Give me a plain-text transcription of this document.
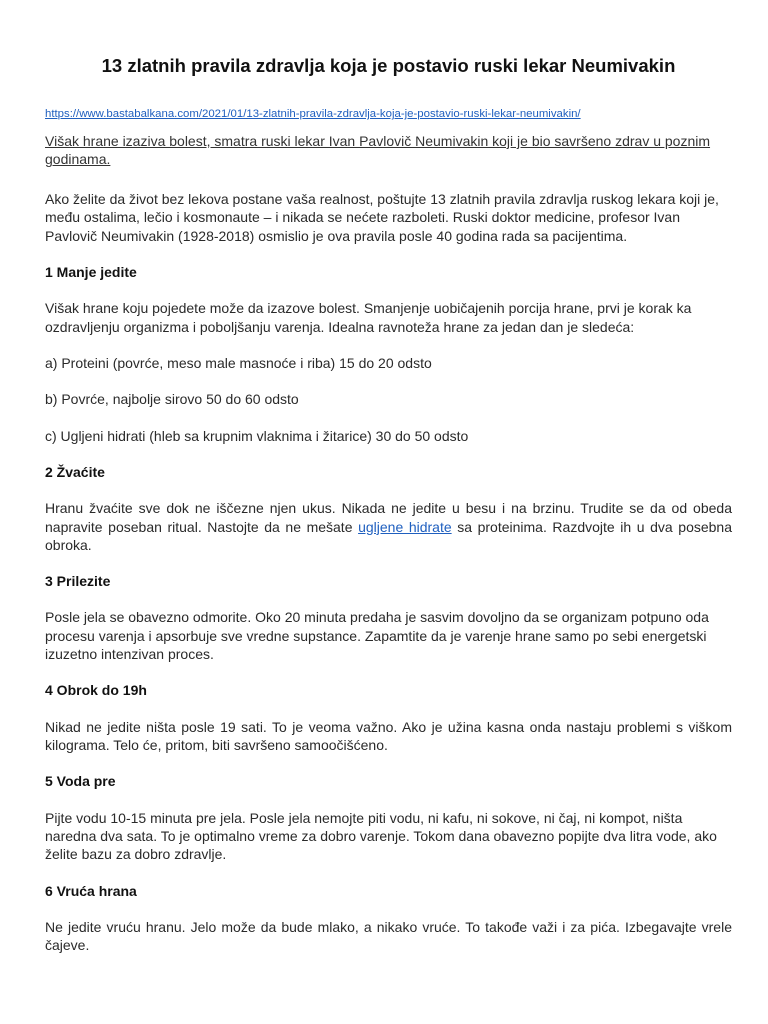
13 zlatnih pravila zdravlja koja je postavio ruski lekar Neumivakin
https://www.bastabalkana.com/2021/01/13-zlatnih-pravila-zdravlja-koja-je-postavio-ruski-lekar-neumivakin/

Višak hrane izaziva bolest, smatra ruski lekar Ivan Pavlovič Neumivakin koji je bio savršeno zdrav u poznim godinama.

Ako želite da život bez lekova postane vaša realnost, poštujte 13 zlatnih pravila zdravlja ruskog lekara koji je, među ostalima, lečio i kosmonaute – i nikada se nećete razboleti. Ruski doktor medicine, profesor Ivan Pavlovič Neumivakin (1928-2018) osmislio je ova pravila posle 40 godina rada sa pacijentima.

1 Manje jedite

Višak hrane koju pojedete može da izazove bolest. Smanjenje uobičajenih porcija hrane, prvi je korak ka ozdravljenju organizma i poboljšanju varenja. Idealna ravnoteža hrane za jedan dan je sledeća:

a) Proteini (povrće, meso male masnoće i riba) 15 do 20 odsto

b) Povrće, najbolje sirovo 50 do 60 odsto

c) Ugljeni hidrati (hleb sa krupnim vlaknima i žitarice) 30 do 50 odsto

2 Žvaćite

Hranu žvaćite sve dok ne iščezne njen ukus. Nikada ne jedite u besu i na brzinu. Trudite se da od obeda napravite poseban ritual. Nastojte da ne mešate ugljene hidrate sa proteinima. Razdvojte ih u dva posebna obroka.

3 Prilezite

Posle jela se obavezno odmorite. Oko 20 minuta predaha je sasvim dovoljno da se organizam potpuno oda procesu varenja i apsorbuje sve vredne supstance. Zapamtite da je varenje hrane samo po sebi energetski izuzetno intenzivan proces.

4 Obrok do 19h

Nikad ne jedite ništa posle 19 sati. To je veoma važno. Ako je užina kasna onda nastaju problemi s viškom kilograma. Telo će, pritom, biti savršeno samoočišćeno.

5 Voda pre

Pijte vodu 10-15 minuta pre jela. Posle jela nemojte piti vodu, ni kafu, ni sokove, ni čaj, ni kompot, ništa naredna dva sata. To je optimalno vreme za dobro varenje. Tokom dana obavezno popijte dva litra vode, ako želite bazu za dobro zdravlje.

6 Vruća hrana

Ne jedite vruću hranu. Jelo može da bude mlako, a nikako vruće. To takođe važi i za pića. Izbegavajte vrele čajeve.
